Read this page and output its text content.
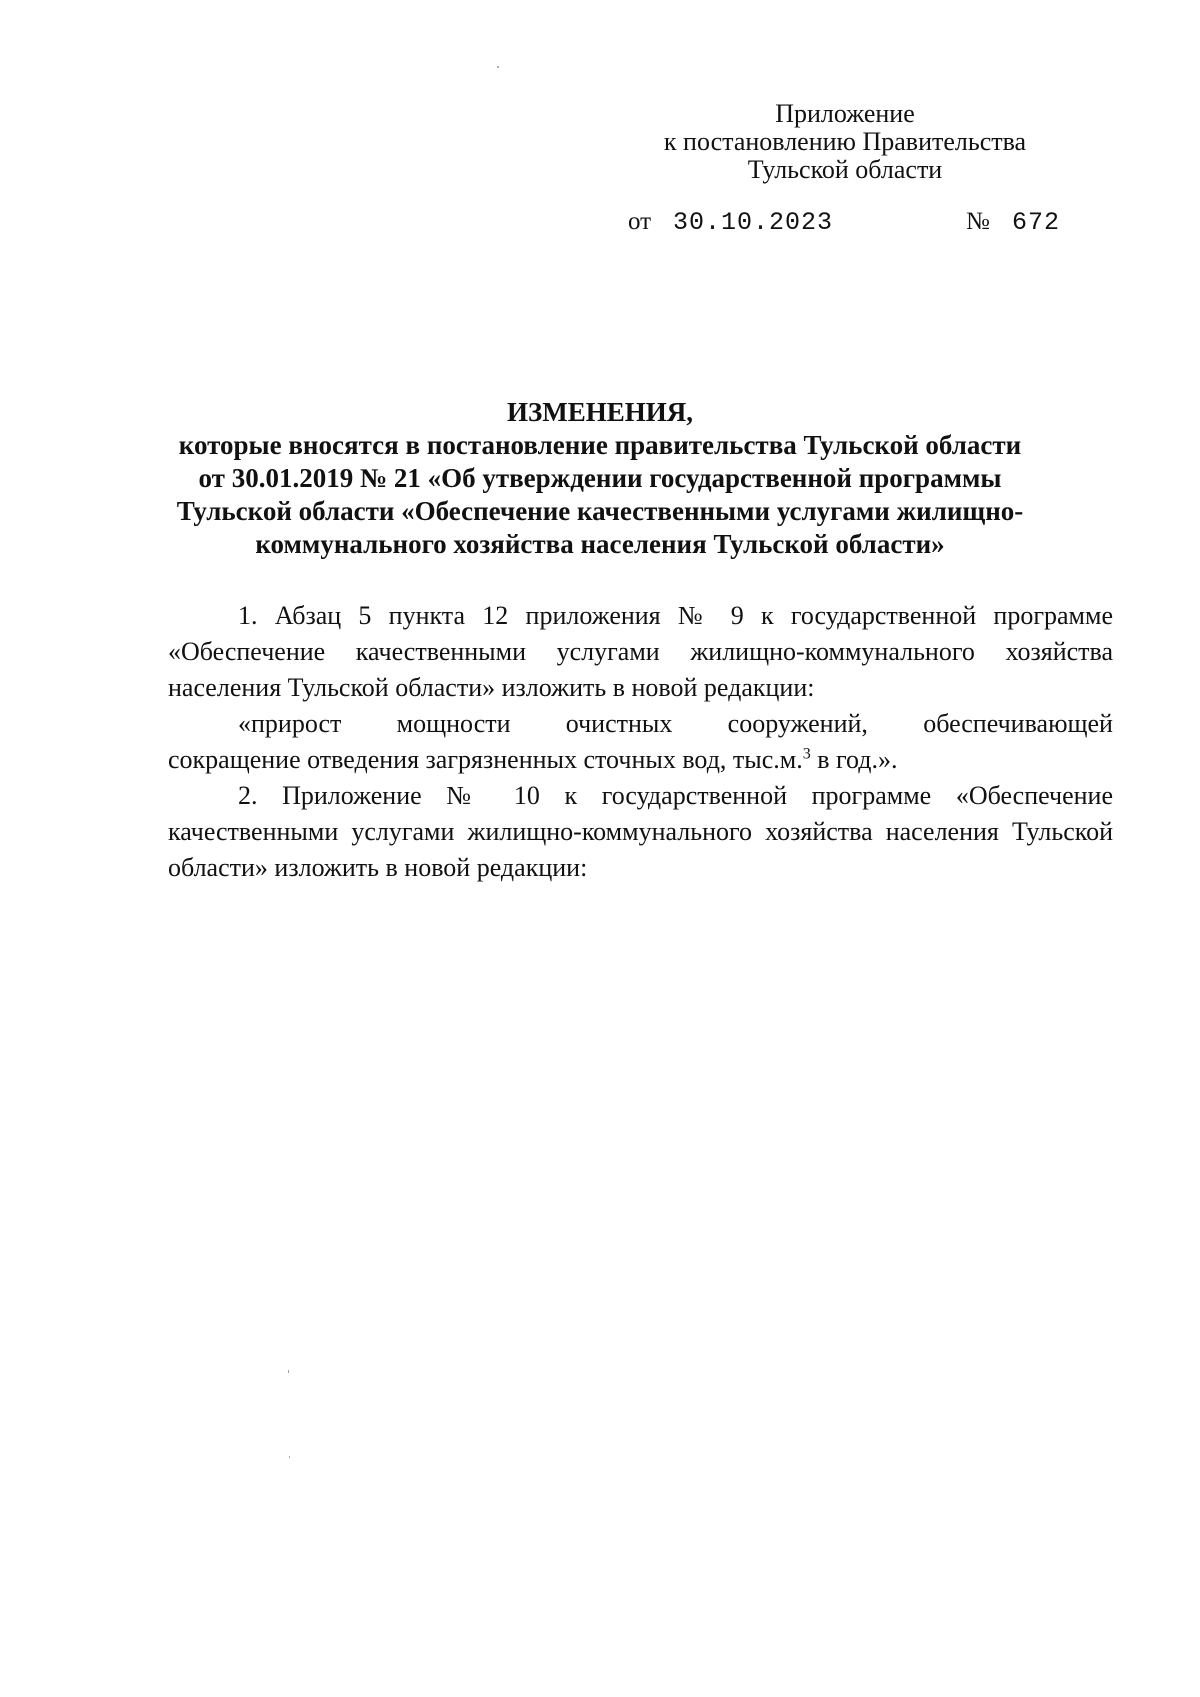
Приложение
к постановлению Правительства
Тульской области
от 30.10.2023	№ 672
ИЗМЕНЕНИЯ,
которые вносятся в постановление правительства Тульской области
от 30.01.2019 № 21 «Об утверждении государственной программы
Тульской области «Обеспечение качественными услугами жилищно-
коммунального хозяйства населения Тульской области»

1. Абзац 5 пункта 12 приложения № 9 к государственной программе «Обеспечение качественными услугами жилищно-коммунального хозяйства населения Тульской области» изложить в новой редакции:

«прирост мощности очистных сооружений, обеспечивающей
сокращение отведения загрязненных сточных вод, тыс.м.$^3$ в год.».

2. Приложение № 10 к государственной программе «Обеспечение качественными услугами жилищно-коммунального хозяйства населения Тульской области» изложить в новой редакции:
